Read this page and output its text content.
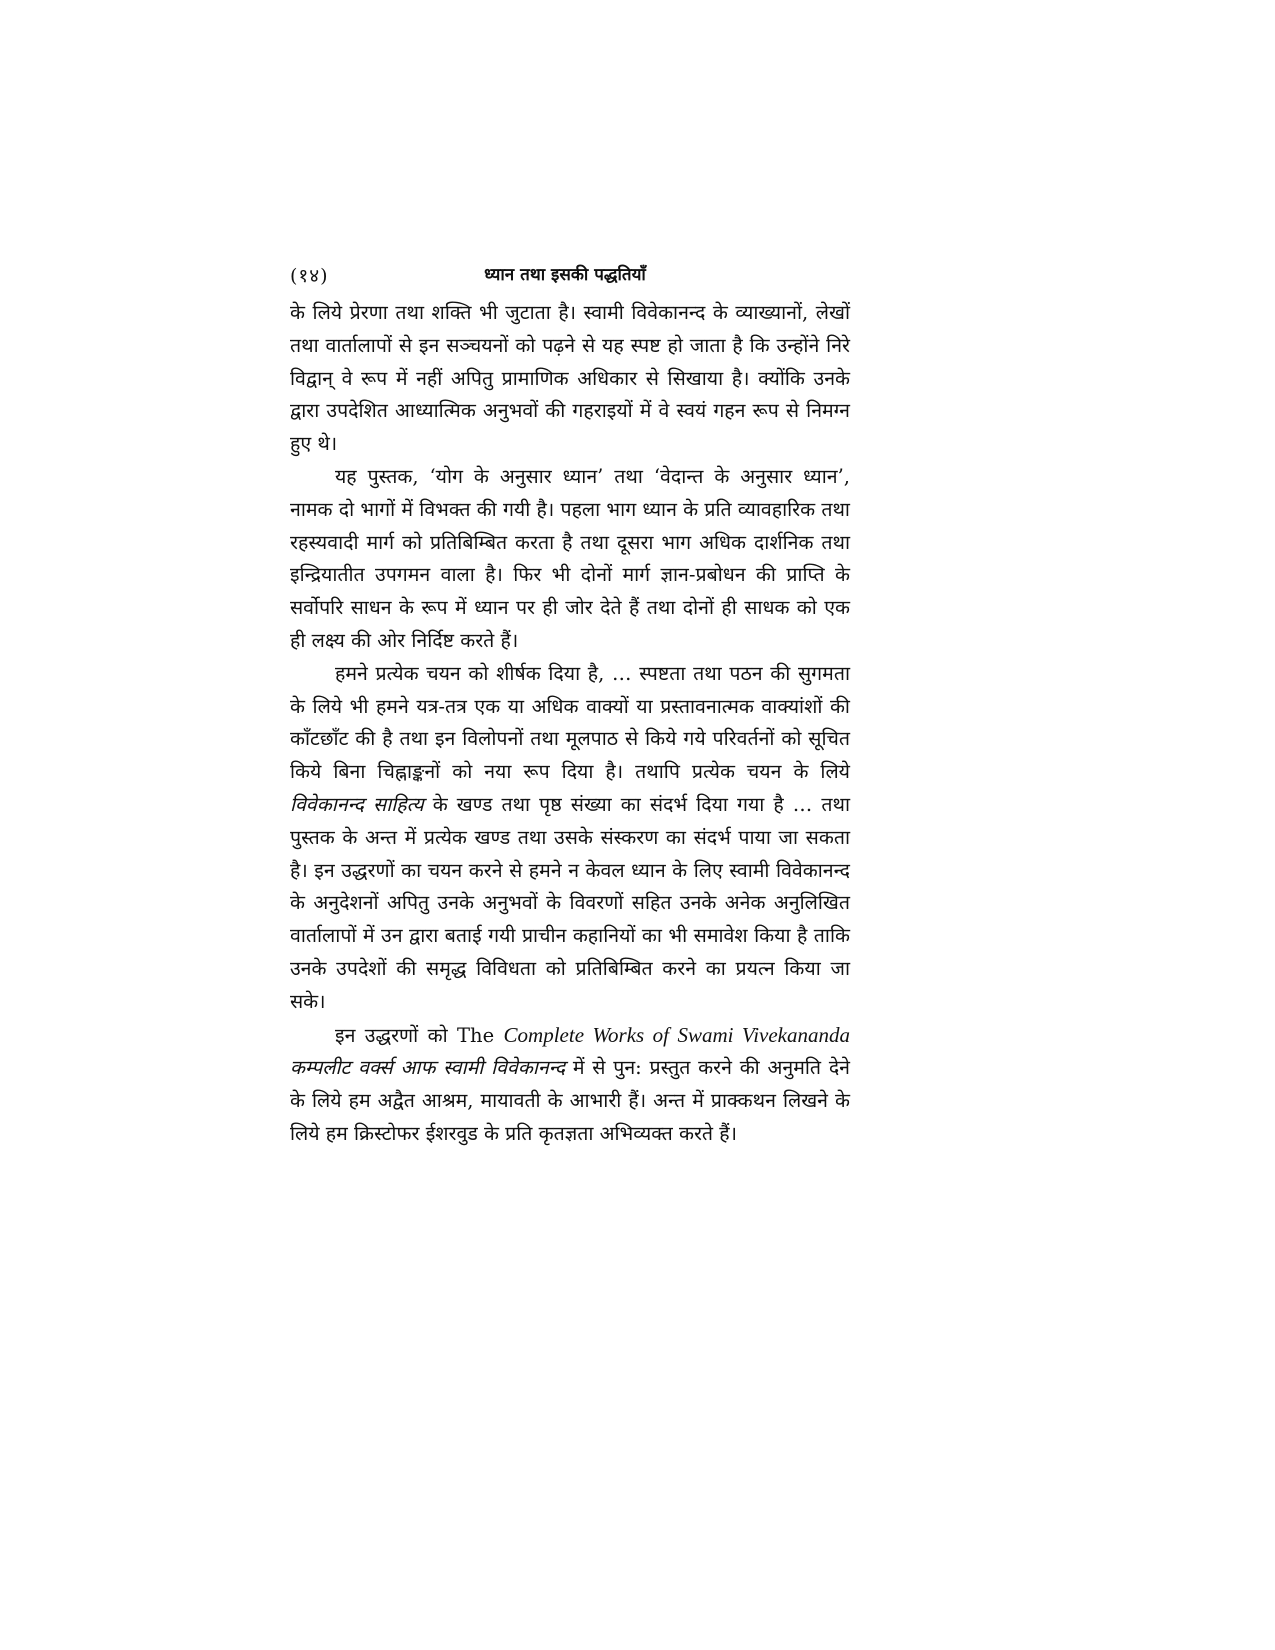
(१४)	ध्यान तथा इसकी पद्धतियाँ

के लिये प्रेरणा तथा शक्ति भी जुटाता है। स्वामी विवेकानन्द के व्याख्यानों, लेखों तथा वार्तालापों से इन सञ्चयनों को पढ़ने से यह स्पष्ट हो जाता है कि उन्होंने निरे विद्वान् वे रूप में नहीं अपितु प्रामाणिक अधिकार से सिखाया है। क्योंकि उनके द्वारा उपदेशित आध्यात्मिक अनुभवों की गहराइयों में वे स्वयं गहन रूप से निमग्न हुए थे।

यह पुस्तक, ‘योग के अनुसार ध्यान’ तथा ‘वेदान्त के अनुसार ध्यान’, नामक दो भागों में विभक्त की गयी है। पहला भाग ध्यान के प्रति व्यावहारिक तथा रहस्यवादी मार्ग को प्रतिबिम्बित करता है तथा दूसरा भाग अधिक दार्शनिक तथा इन्द्रियातीत उपगमन वाला है। फिर भी दोनों मार्ग ज्ञान-प्रबोधन की प्राप्ति के सर्वोपरि साधन के रूप में ध्यान पर ही जोर देते हैं तथा दोनों ही साधक को एक ही लक्ष्य की ओर निर्दिष्ट करते हैं।

हमने प्रत्येक चयन को शीर्षक दिया है, … स्पष्टता तथा पठन की सुगमता के लिये भी हमने यत्र-तत्र एक या अधिक वाक्यों या प्रस्तावनात्मक वाक्यांशों की काँटछाँट की है तथा इन विलोपनों तथा मूलपाठ से किये गये परिवर्तनों को सूचित किये बिना चिह्नाङ्कनों को नया रूप दिया है। तथापि प्रत्येक चयन के लिये विवेकानन्द साहित्य के खण्ड तथा पृष्ठ संख्या का संदर्भ दिया गया है … तथा पुस्तक के अन्त में प्रत्येक खण्ड तथा उसके संस्करण का संदर्भ पाया जा सकता है। इन उद्धरणों का चयन करने से हमने न केवल ध्यान के लिए स्वामी विवेकानन्द के अनुदेशनों अपितु उनके अनुभवों के विवरणों सहित उनके अनेक अनुलिखित वार्तालापों में उन द्वारा बताई गयी प्राचीन कहानियों का भी समावेश किया है ताकि उनके उपदेशों की समृद्ध विविधता को प्रतिबिम्बित करने का प्रयत्न किया जा सके।

इन उद्धरणों को The Complete Works of Swami Vivekananda कम्पलीट वर्क्स आफ स्वामी विवेकानन्द में से पुन: प्रस्तुत करने की अनुमति देने के लिये हम अद्वैत आश्रम, मायावती के आभारी हैं। अन्त में प्राक्कथन लिखने के लिये हम क्रिस्टोफर ईशरवुड के प्रति कृतज्ञता अभिव्यक्त करते हैं।
